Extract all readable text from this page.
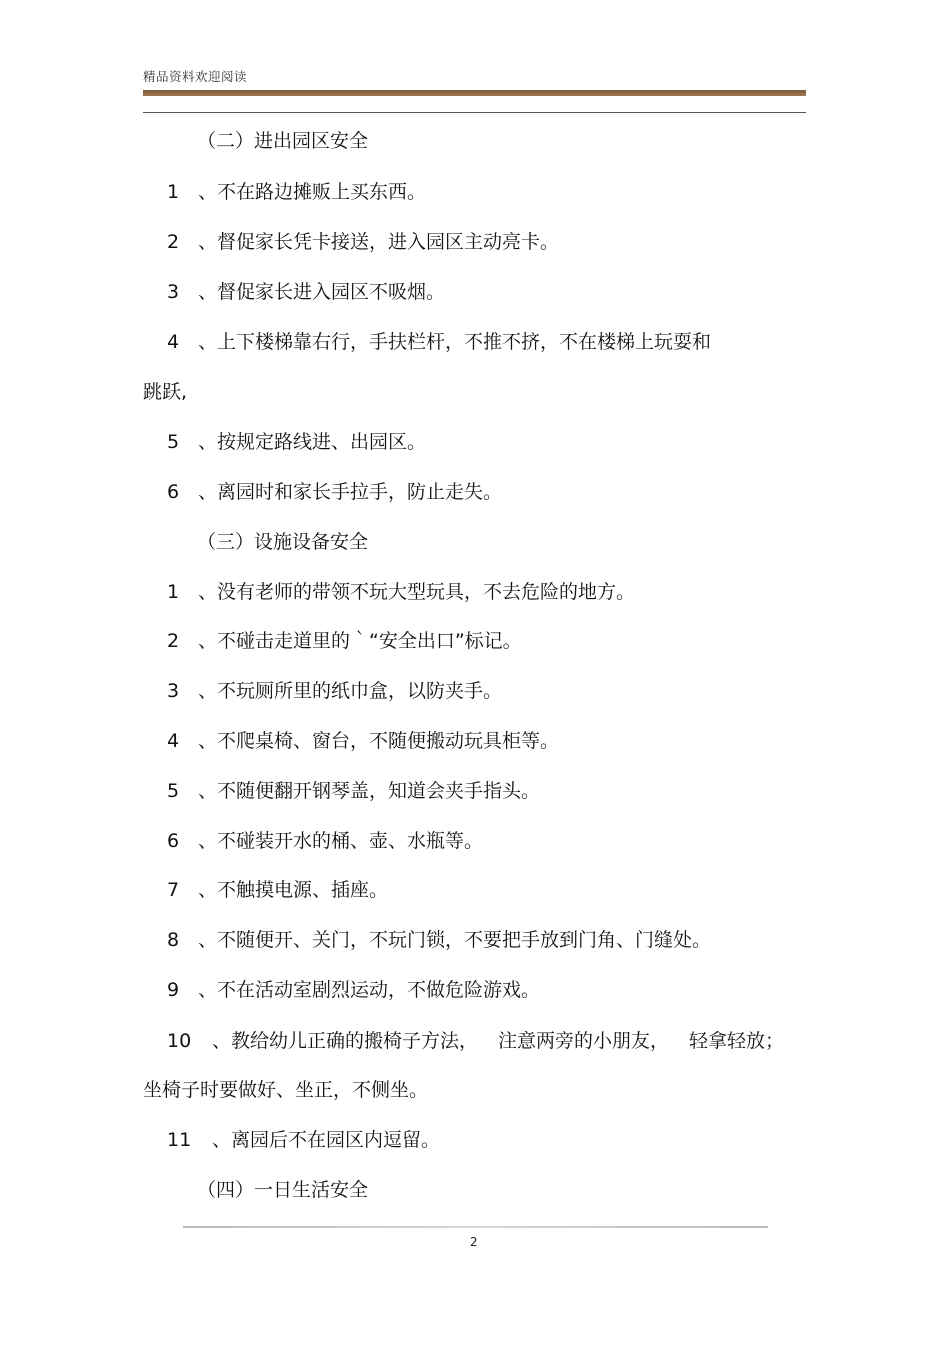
精品资料欢迎阅读
（二）进出园区安全
1 、不在路边摊贩上买东西。
2 、督促家长凭卡接送，进入园区主动亮卡。
3 、督促家长进入园区不吸烟。
4 、上下楼梯靠右行，手扶栏杆，不推不挤，不在楼梯上玩耍和
跳跃,
5 、按规定路线进、出园区。
6 、离园时和家长手拉手，防止走失。
（三）设施设备安全
1 、没有老师的带领不玩大型玩具，不去危险的地方。
2 、不碰击走道里的｀“安全出口”标记。
3 、不玩厕所里的纸巾盒，以防夹手。
4 、不爬桌椅、窗台，不随便搬动玩具柜等。
5 、不随便翻开钢琴盖，知道会夹手指头。
6 、不碰装开水的桶、壶、水瓶等。
7 、不触摸电源、插座。
8 、不随便开、关门，不玩门锁，不要把手放到门角、门缝处。
9 、不在活动室剧烈运动，不做危险游戏。
10 、教给幼儿正确的搬椅子方法， 注意两旁的小朋友， 轻拿轻放；
坐椅子时要做好、坐正，不侧坐。
11 、离园后不在园区内逗留。
（四）一日生活安全
2
